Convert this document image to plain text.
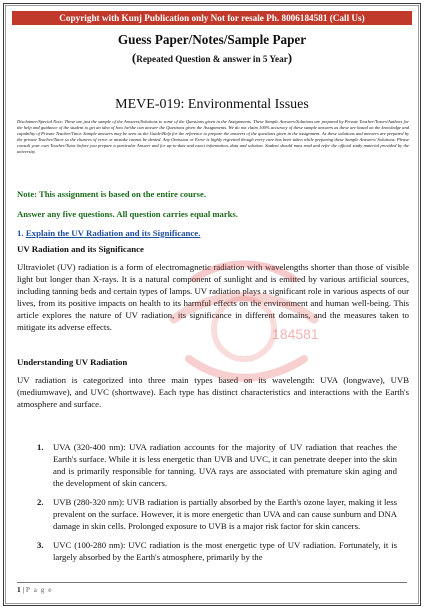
Copyright with Kunj Publication only Not for resale Ph. 8006184581 (Call Us)
Guess Paper/Notes/Sample Paper
(Repeated Question & answer in 5 Year)
MEVE-019: Environmental Issues
Disclaimer/Special Note: These are just the sample of the Answers/Solutions to some of the Questions given in the Assignments. These Sample Answers/Solutions are prepared by Private Teacher/Tutors/Authors for the help and guidance of the student to get an idea of how he/she can answer the Questions given the Assignments. We do not claim 100% accuracy of these sample answers as these are based on the knowledge and capability of Private Teacher/Tutor. Sample answers may be seen as the Guide/Help for the reference to prepare the answers of the questions given in the assignment. As these solutions and answers are prepared by the private Teacher/Tutor so the chances of error or mistake cannot be denied. Any Omission or Error is highly regretted though every care has been taken while preparing these Sample Answers/ Solutions. Please consult your own Teacher/Tutor before you prepare a particular Answer and for up-to-date and exact information, data and solution. Student should must read and refer the official study material provided by the university.
Note: This assignment is based on the entire course.
Answer any five questions. All question carries equal marks.
1. Explain the UV Radiation and its Significance.
UV Radiation and its Significance
Ultraviolet (UV) radiation is a form of electromagnetic radiation with wavelengths shorter than those of visible light but longer than X-rays. It is a natural component of sunlight and is emitted by various artificial sources, including tanning beds and certain types of lamps. UV radiation plays a significant role in various aspects of our lives, from its positive impacts on health to its harmful effects on the environment and human well-being. This article explores the nature of UV radiation, its significance in different domains, and the measures taken to mitigate its adverse effects.
Understanding UV Radiation
UV radiation is categorized into three main types based on its wavelength: UVA (longwave), UVB (mediumwave), and UVC (shortwave). Each type has distinct characteristics and interactions with the Earth's atmosphere and surface.
1. UVA (320-400 nm): UVA radiation accounts for the majority of UV radiation that reaches the Earth's surface. While it is less energetic than UVB and UVC, it can penetrate deeper into the skin and is primarily responsible for tanning. UVA rays are associated with premature skin aging and the development of skin cancers.
2. UVB (280-320 nm): UVB radiation is partially absorbed by the Earth's ozone layer, making it less prevalent on the surface. However, it is more energetic than UVA and can cause sunburn and DNA damage in skin cells. Prolonged exposure to UVB is a major risk factor for skin cancers.
3. UVC (100-280 nm): UVC radiation is the most energetic type of UV radiation. Fortunately, it is largely absorbed by the Earth's atmosphere, primarily by the
184581
1 | P a g e
